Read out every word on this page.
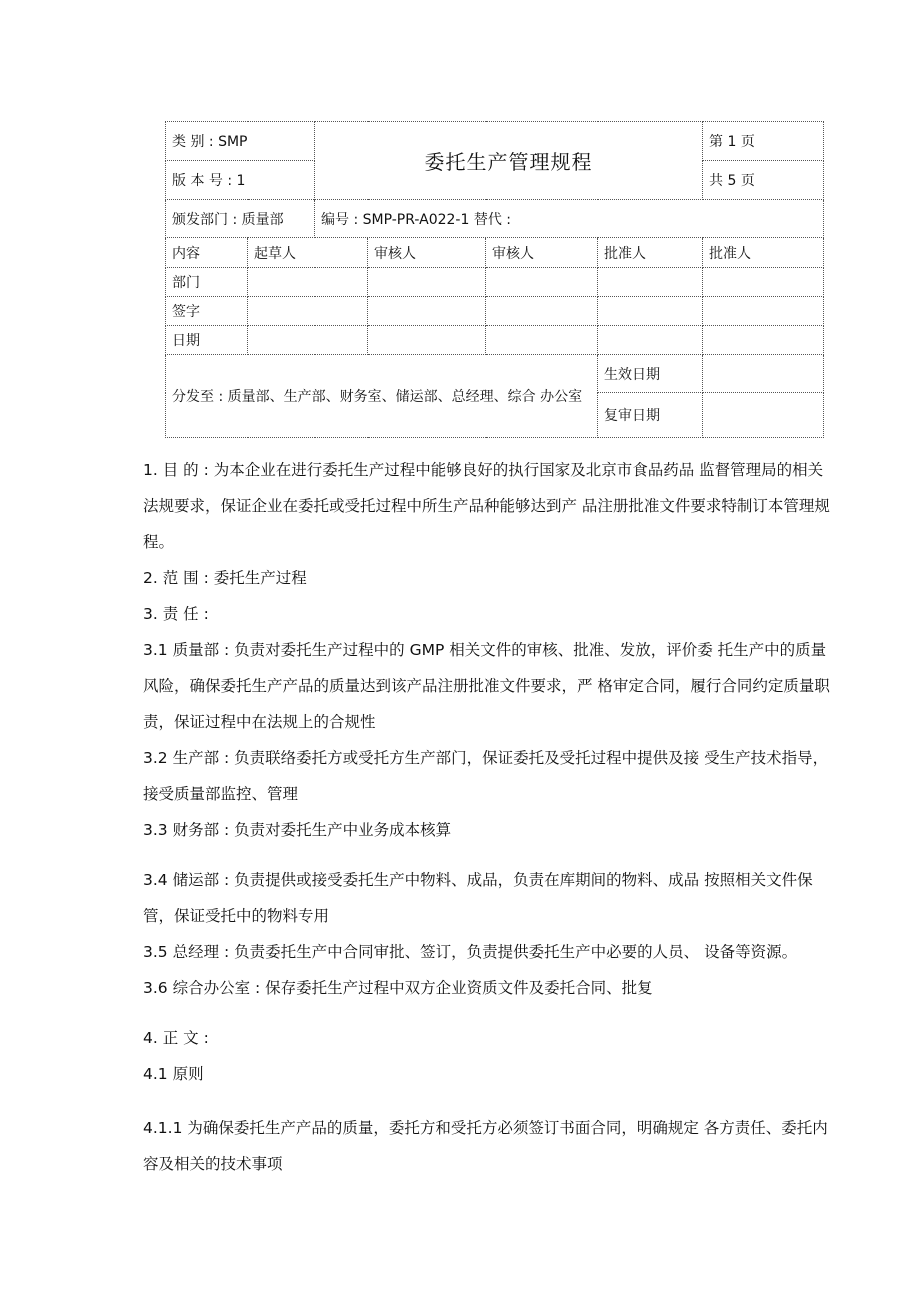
类 别 : SMP		委托生产管理规程				第 1 页
版 本 号 : 1						共 5 页
颁发部门 : 质量部		编号 : SMP-PR-A022-1 替代 :				
内容	起草人		审核人	审核人	批准人	批准人
部门						
签字						
日期						
分发至 : 质量部、生产部、财务室、储运部、总经理、综合 办公室					生效日期	
					复审日期	

1. 目 的 : 为本企业在进行委托生产过程中能够良好的执行国家及北京市食品药品 监督管理局的相关法规要求，保证企业在委托或受托过程中所生产品种能够达到产 品注册批准文件要求特制订本管理规程。

2. 范 围 : 委托生产过程

3. 责 任 :

3.1 质量部 : 负责对委托生产过程中的 GMP 相关文件的审核、批准、发放，评价委 托生产中的质量风险，确保委托生产产品的质量达到该产品注册批准文件要求，严 格审定合同，履行合同约定质量职责，保证过程中在法规上的合规性

3.2 生产部 : 负责联络委托方或受托方生产部门，保证委托及受托过程中提供及接 受生产技术指导，接受质量部监控、管理

3.3 财务部 : 负责对委托生产中业务成本核算

3.4 储运部 : 负责提供或接受委托生产中物料、成品，负责在库期间的物料、成品 按照相关文件保管，保证受托中的物料专用

3.5 总经理 : 负责委托生产中合同审批、签订，负责提供委托生产中必要的人员、 设备等资源。

3.6 综合办公室 : 保存委托生产过程中双方企业资质文件及委托合同、批复

4. 正 文 :

4.1 原则

4.1.1 为确保委托生产产品的质量，委托方和受托方必须签订书面合同，明确规定 各方责任、委托内容及相关的技术事项
